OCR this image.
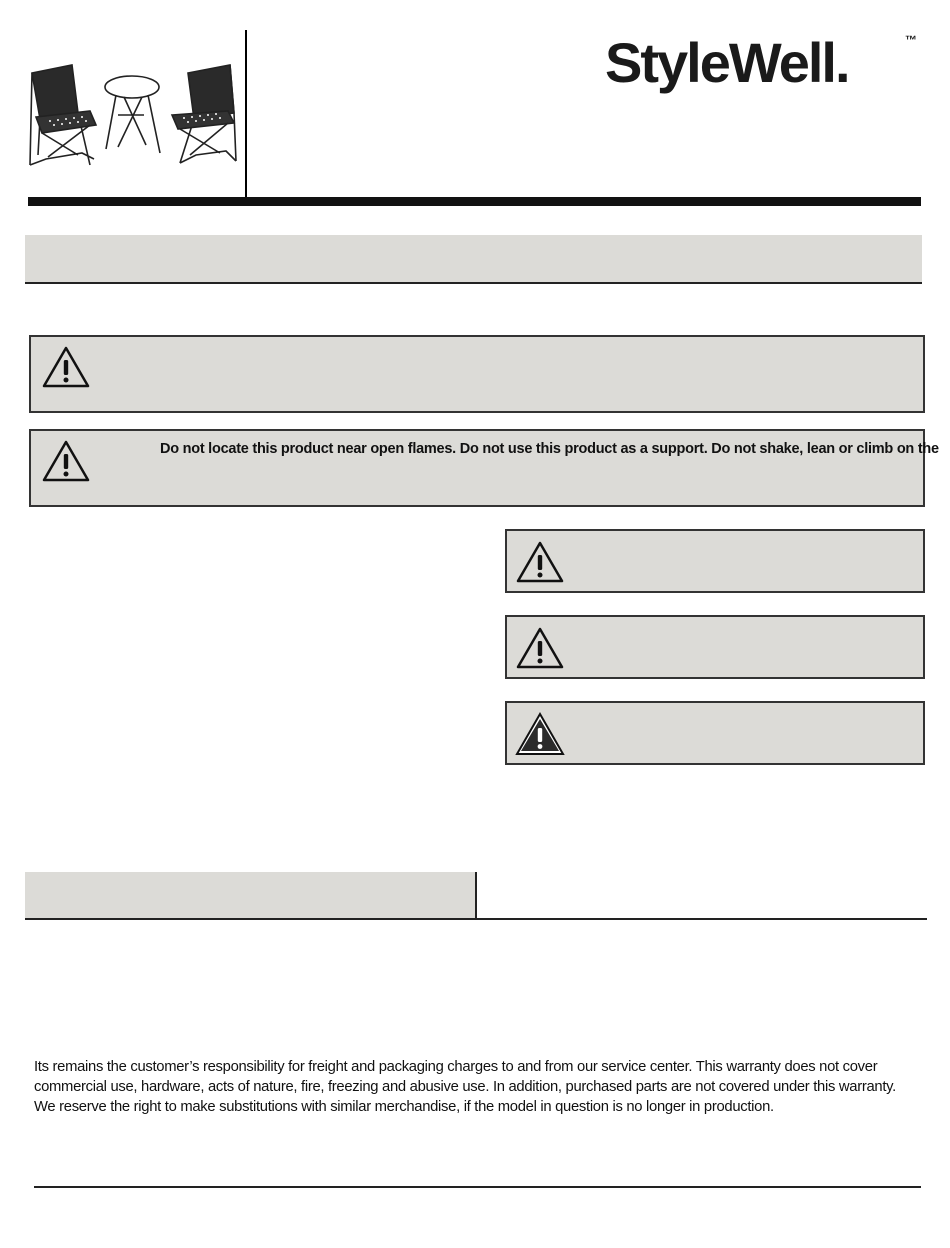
StyleWell.	™
Do not locate this product near open flames. Do not use this product as a support. Do not shake, lean or climb on the
Its remains the customer’s responsibility for freight and packaging charges to and from our service center. This warranty does not cover
commercial use, hardware, acts of nature, fire, freezing and abusive use. In addition, purchased parts are not covered under this warranty.
We reserve the right to make substitutions with similar merchandise, if the model in question is no longer in production.
